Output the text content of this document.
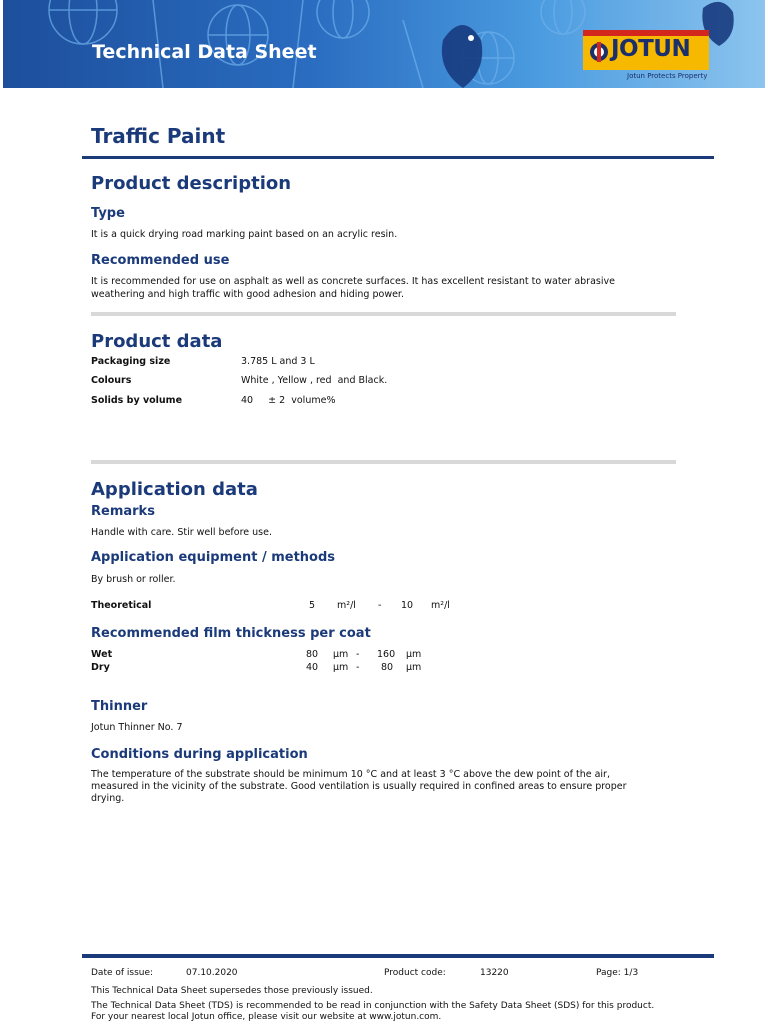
Technical Data Sheet	JOTUN
Jotun Protects Property
Traffic Paint
Product description
Type
It is a quick drying road marking paint based on an acrylic resin.
Recommended use
It is recommended for use on asphalt as well as concrete surfaces. It has excellent resistant to water abrasive
weathering and high traffic with good adhesion and hiding power.
Product data
Packaging size	3.785 L and 3 L
Colours	White , Yellow , red  and Black.
Solids by volume	40     ± 2  volume%
Application data
Remarks
Handle with care. Stir well before use.
Application equipment / methods
By brush or roller.
Theoretical	5 m²/l - 10 m²/l
Recommended film thickness per coat
Wet	80 µm - 160 µm
Dry	40 µm - 80 µm
Thinner
Jotun Thinner No. 7
Conditions during application
The temperature of the substrate should be minimum 10 °C and at least 3 °C above the dew point of the air,
measured in the vicinity of the substrate. Good ventilation is usually required in confined areas to ensure proper
drying.
Date of issue:	07.10.2020	Product code:	13220	Page: 1/3
This Technical Data Sheet supersedes those previously issued.
The Technical Data Sheet (TDS) is recommended to be read in conjunction with the Safety Data Sheet (SDS) for this product.
For your nearest local Jotun office, please visit our website at www.jotun.com.
